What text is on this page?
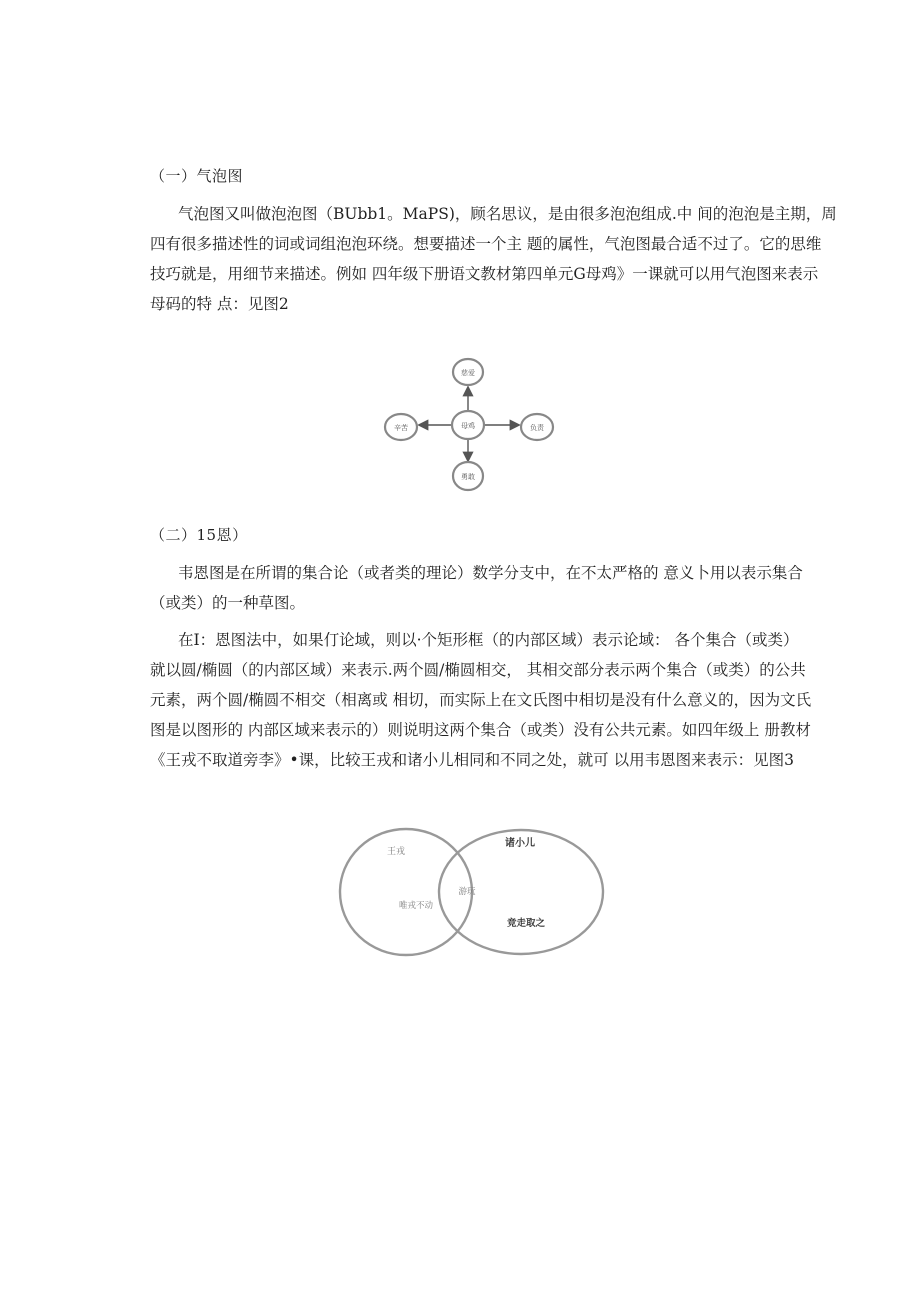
（一）气泡图
气泡图又叫做泡泡图（BUbb1。MaPS)，顾名思议，是由很多泡泡组成.中 间的泡泡是主期，周
四有很多描述性的词或词组泡泡环绕。想要描述一个主 题的属性，气泡图最合适不过了。它的思维
技巧就是，用细节来描述。例如 四年级下册语文教材第四单元G母鸡》一课就可以用气泡图来表示
母码的特 点：见图2
母鸡
慈爱
辛苦	负责
勇敢
（二）15恩）
韦恩图是在所谓的集合论（或者类的理论）数学分支中，在不太严格的 意义卜用以表示集合
（或类）的一种草图。
在I：恩图法中，如果仃论域，则以·个矩形框（的内部区域）表示论域： 各个集合（或类）
就以圆/椭圆（的内部区域）来表示.两个圆/椭圆相交， 其相交部分表示两个集合（或类）的公共
元素，两个圆/椭圆不相交（相离或 相切，而实际上在文氏图中相切是没有什么意义的，因为文氏
图是以图形的 内部区域来表示的）则说明这两个集合（或类）没有公共元素。如四年级上 册教材
《王戎不取道旁李》•课，比较王戎和诸小儿相同和不同之处，就可 以用韦恩图来表示：见图3
王戎
唯戎不动
游玩
诸小儿
竞走取之
